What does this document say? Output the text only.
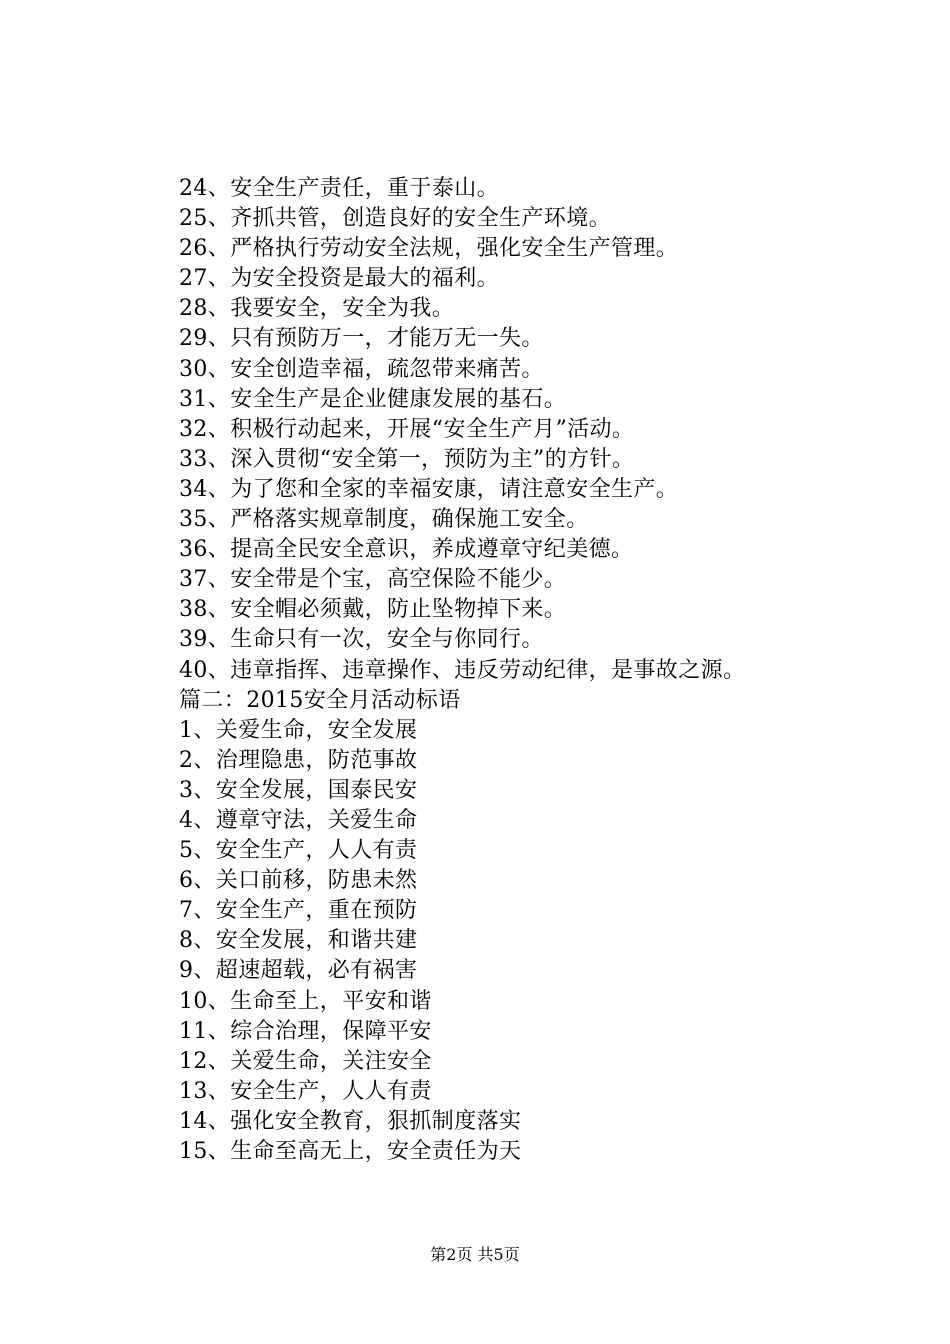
24、安全生产责任，重于泰山。
25、齐抓共管，创造良好的安全生产环境。
26、严格执行劳动安全法规，强化安全生产管理。
27、为安全投资是最大的福利。
28、我要安全，安全为我。
29、只有预防万一，才能万无一失。
30、安全创造幸福，疏忽带来痛苦。
31、安全生产是企业健康发展的基石。
32、积极行动起来，开展“安全生产月”活动。
33、深入贯彻“安全第一，预防为主”的方针。
34、为了您和全家的幸福安康，请注意安全生产。
35、严格落实规章制度，确保施工安全。
36、提高全民安全意识，养成遵章守纪美德。
37、安全带是个宝，高空保险不能少。
38、安全帽必须戴，防止坠物掉下来。
39、生命只有一次，安全与你同行。
40、违章指挥、违章操作、违反劳动纪律，是事故之源。
篇二：2015安全月活动标语
1、关爱生命，安全发展
2、治理隐患，防范事故
3、安全发展，国泰民安
4、遵章守法，关爱生命
5、安全生产，人人有责
6、关口前移，防患未然
7、安全生产，重在预防
8、安全发展，和谐共建
9、超速超载，必有祸害
10、生命至上，平安和谐
11、综合治理，保障平安
12、关爱生命，关注安全
13、安全生产，人人有责
14、强化安全教育，狠抓制度落实
15、生命至高无上，安全责任为天
第2页 共5页
